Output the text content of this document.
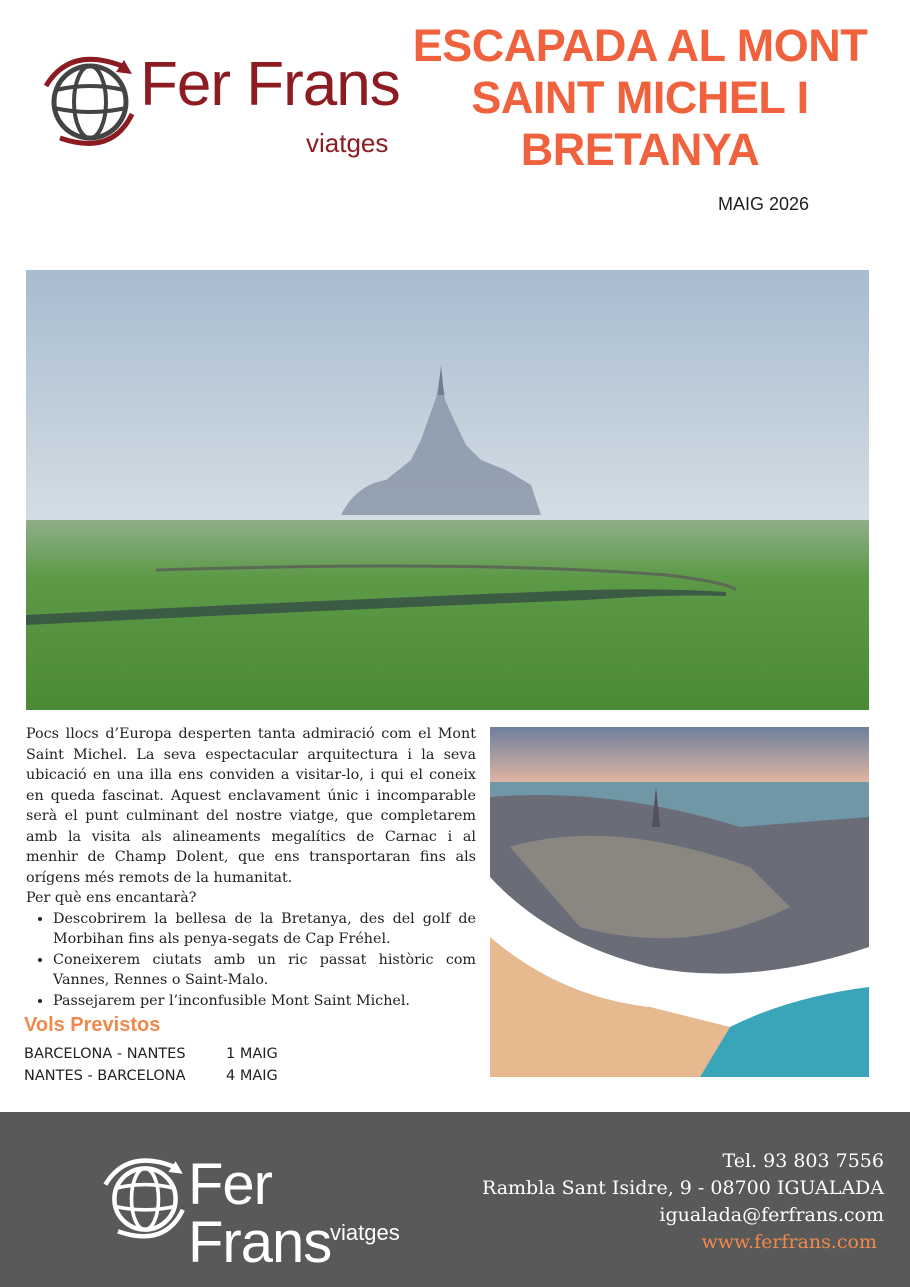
Fer Frans
viatges
ESCAPADA AL MONT SAINT MICHEL I BRETANYA
MAIG 2026

Pocs llocs d’Europa desperten tanta admiració com el Mont Saint Michel. La seva espectacular arquitectura i la seva ubicació en una illa ens conviden a visitar-lo, i qui el coneix en queda fascinat. Aquest enclavament únic i incomparable serà el punt culminant del nostre viatge, que completarem amb la visita als alineaments megalítics de Carnac i al menhir de Champ Dolent, que ens transportaran fins als orígens més remots de la humanitat.

Per què ens encantarà?

• Descobrirem la bellesa de la Bretanya, des del golf de Morbihan fins als penya-segats de Cap Fréhel.
• Coneixerem ciutats amb un ric passat històric com Vannes, Rennes o Saint-Malo.
• Passejarem per l’inconfusible Mont Saint Michel.
Vols Previstos
BARCELONA - NANTES	1 MAIG
NANTES - BARCELONA	4 MAIG
Fer Frans
viatges
Tel. 93 803 7556
Rambla Sant Isidre, 9 - 08700 IGUALADA
igualada@ferfrans.com
www.ferfrans.com
